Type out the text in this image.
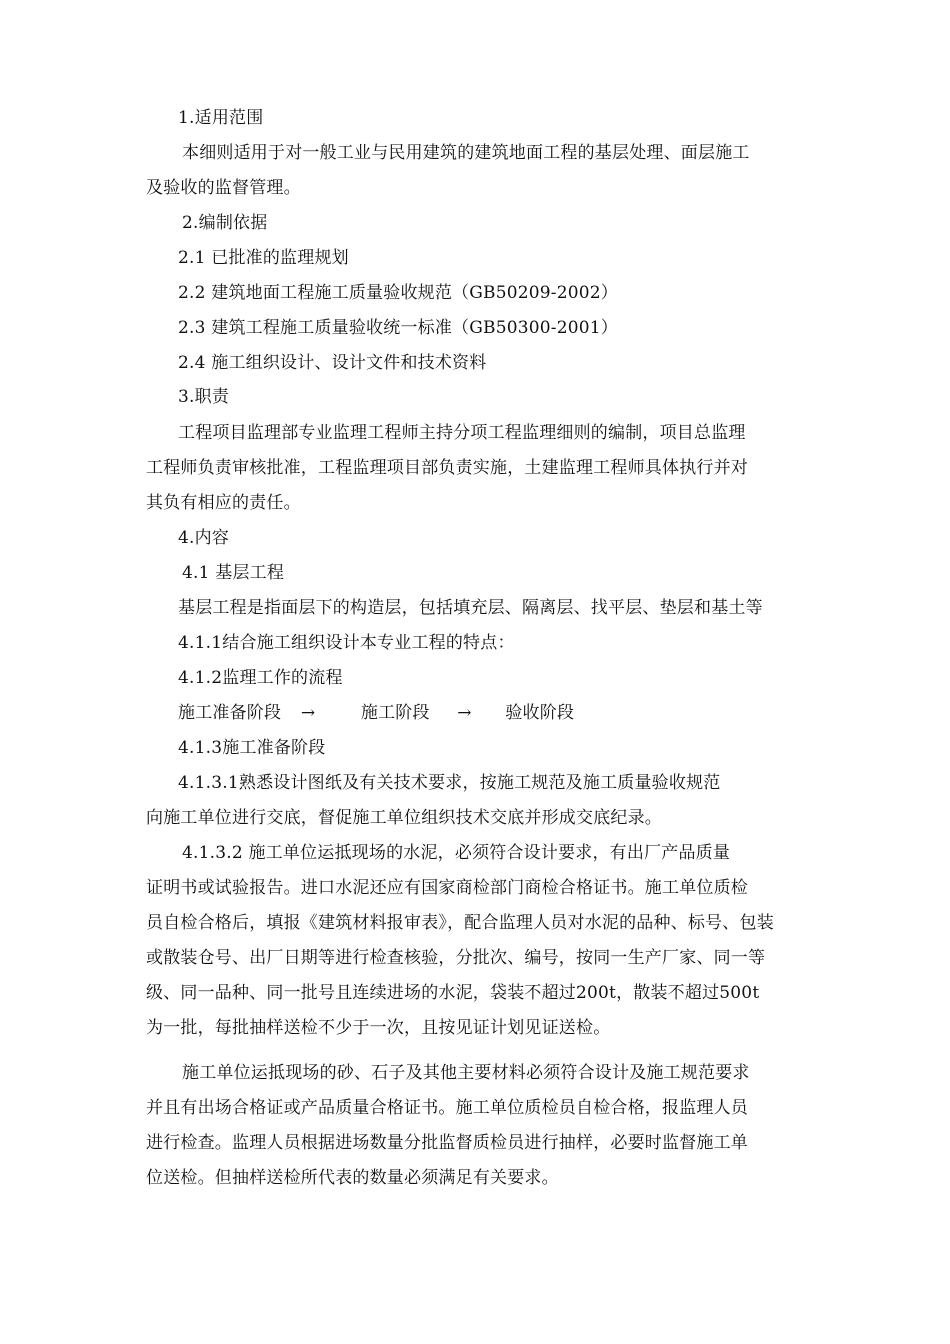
1.适用范围
本细则适用于对一般工业与民用建筑的建筑地面工程的基层处理、面层施工
及验收的监督管理。
2.编制依据
2.1 已批准的监理规划
2.2 建筑地面工程施工质量验收规范（GB50209-2002）
2.3 建筑工程施工质量验收统一标准（GB50300-2001）
2.4 施工组织设计、设计文件和技术资料
3.职责
工程项目监理部专业监理工程师主持分项工程监理细则的编制，项目总监理
工程师负责审核批准，工程监理项目部负责实施，土建监理工程师具体执行并对
其负有相应的责任。
4.内容
4.1 基层工程
基层工程是指面层下的构造层，包括填充层、隔离层、找平层、垫层和基土等
4.1.1结合施工组织设计本专业工程的特点：
4.1.2监理工作的流程
施工准备阶段 →	施工阶段 → 验收阶段
4.1.3施工准备阶段
4.1.3.1熟悉设计图纸及有关技术要求，按施工规范及施工质量验收规范
向施工单位进行交底，督促施工单位组织技术交底并形成交底纪录。
4.1.3.2 施工单位运抵现场的水泥，必须符合设计要求，有出厂产品质量
证明书或试验报告。进口水泥还应有国家商检部门商检合格证书。施工单位质检
员自检合格后，填报《建筑材料报审表》，配合监理人员对水泥的品种、标号、包装
或散装仓号、出厂日期等进行检查核验，分批次、编号，按同一生产厂家、同一等
级、同一品种、同一批号且连续进场的水泥，袋装不超过200t，散装不超过500t
为一批，每批抽样送检不少于一次，且按见证计划见证送检。
施工单位运抵现场的砂、石子及其他主要材料必须符合设计及施工规范要求
并且有出场合格证或产品质量合格证书。施工单位质检员自检合格，报监理人员
进行检查。监理人员根据进场数量分批监督质检员进行抽样，必要时监督施工单
位送检。但抽样送检所代表的数量必须满足有关要求。
